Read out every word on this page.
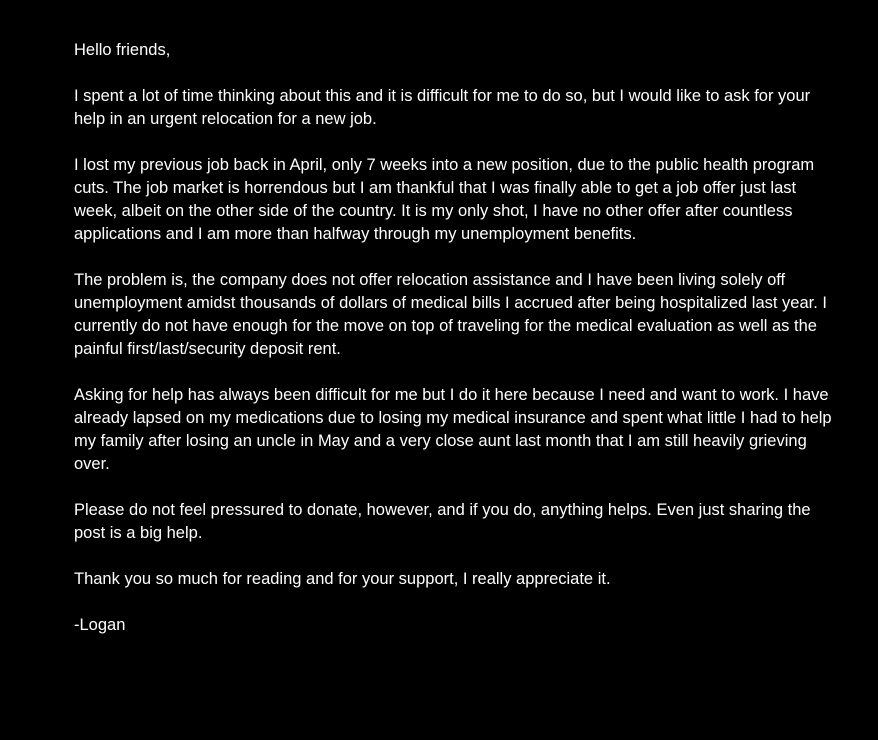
Hello friends,

I spent a lot of time thinking about this and it is difficult for me to do so, but I would like to ask for your help in an urgent relocation for a new job.

I lost my previous job back in April, only 7 weeks into a new position, due to the public health program cuts. The job market is horrendous but I am thankful that I was finally able to get a job offer just last week, albeit on the other side of the country. It is my only shot, I have no other offer after countless applications and I am more than halfway through my unemployment benefits.

The problem is, the company does not offer relocation assistance and I have been living solely off unemployment amidst thousands of dollars of medical bills I accrued after being hospitalized last year. I currently do not have enough for the move on top of traveling for the medical evaluation as well as the painful first/last/security deposit rent.

Asking for help has always been difficult for me but I do it here because I need and want to work. I have already lapsed on my medications due to losing my medical insurance and spent what little I had to help my family after losing an uncle in May and a very close aunt last month that I am still heavily grieving over.

Please do not feel pressured to donate, however, and if you do, anything helps. Even just sharing the post is a big help.

Thank you so much for reading and for your support, I really appreciate it.

-Logan
